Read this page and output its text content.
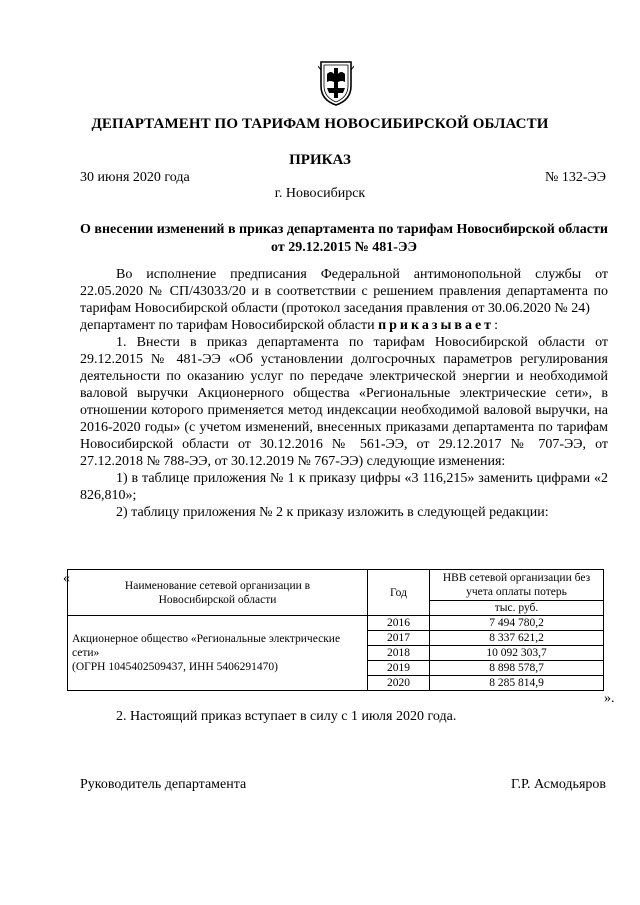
ДЕПАРТАМЕНТ ПО ТАРИФАМ НОВОСИБИРСКОЙ ОБЛАСТИ
ПРИКАЗ
30 июня 2020 года	№ 132-ЭЭ
г. Новосибирск
О внесении изменений в приказ департамента по тарифам Новосибирской области от 29.12.2015 № 481-ЭЭ

Во исполнение предписания Федеральной антимонопольной службы от 22.05.2020 № СП/43033/20 и в соответствии с решением правления департамента по тарифам Новосибирской области (протокол заседания правления от 30.06.2020 № 24)

департамент по тарифам Новосибирской области приказывает:

1. Внести в приказ департамента по тарифам Новосибирской области от 29.12.2015 № 481-ЭЭ «Об установлении долгосрочных параметров регулирования деятельности по оказанию услуг по передаче электрической энергии и необходимой валовой выручки Акционерного общества «Региональные электрические сети», в отношении которого применяется метод индексации необходимой валовой выручки, на 2016-2020 годы» (с учетом изменений, внесенных приказами департамента по тарифам Новосибирской области от 30.12.2016 № 561-ЭЭ, от 29.12.2017 № 707-ЭЭ, от 27.12.2018 № 788-ЭЭ, от 30.12.2019 № 767-ЭЭ) следующие изменения:

1) в таблице приложения № 1 к приказу цифры «3 116,215» заменить цифрами «2 826,810»;

2) таблицу приложения № 2 к приказу изложить в следующей редакции:

«	Наименование сетевой организации в Новосибирской области	Год	НВВ сетевой организации без учета оплаты потерь
		тыс. руб.

Акционерное общество «Региональные электрические сети»
(ОГРН 1045402509437, ИНН 5406291470)	2016	7 494 780,2
	2017	8 337 621,2
	2018	10 092 303,7
	2019	8 898 578,7
	2020	8 285 814,9
».
2. Настоящий приказ вступает в силу с 1 июля 2020 года.
Руководитель департамента	Г.Р. Асмодьяров
